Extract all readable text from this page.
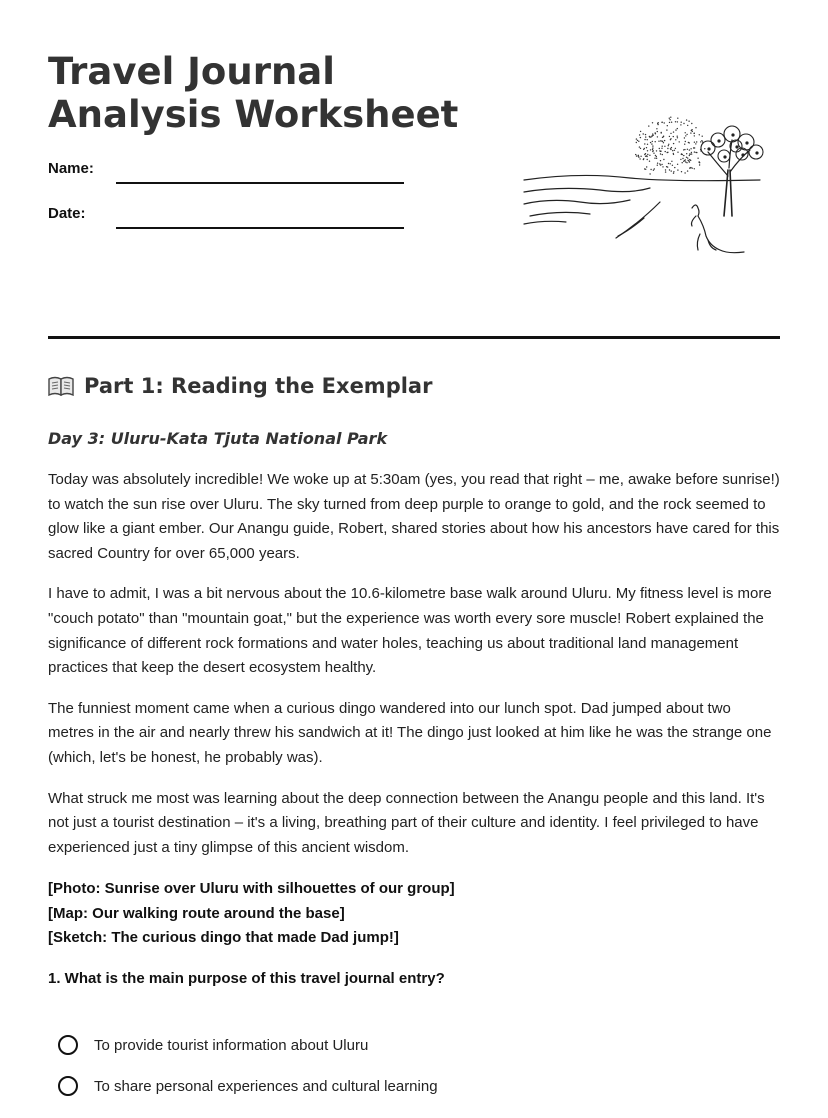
Travel Journal Analysis Worksheet
Name:
Date:
Part 1: Reading the Exemplar
Day 3: Uluru-Kata Tjuta National Park

Today was absolutely incredible! We woke up at 5:30am (yes, you read that right – me, awake before sunrise!) to watch the sun rise over Uluru. The sky turned from deep purple to orange to gold, and the rock seemed to glow like a giant ember. Our Anangu guide, Robert, shared stories about how his ancestors have cared for this sacred Country for over 65,000 years.

I have to admit, I was a bit nervous about the 10.6-kilometre base walk around Uluru. My fitness level is more "couch potato" than "mountain goat," but the experience was worth every sore muscle! Robert explained the significance of different rock formations and water holes, teaching us about traditional land management practices that keep the desert ecosystem healthy.

The funniest moment came when a curious dingo wandered into our lunch spot. Dad jumped about two metres in the air and nearly threw his sandwich at it! The dingo just looked at him like he was the strange one (which, let's be honest, he probably was).

What struck me most was learning about the deep connection between the Anangu people and this land. It's not just a tourist destination – it's a living, breathing part of their culture and identity. I feel privileged to have experienced just a tiny glimpse of this ancient wisdom.

[Photo: Sunrise over Uluru with silhouettes of our group]
[Map: Our walking route around the base]
[Sketch: The curious dingo that made Dad jump!]

1. What is the main purpose of this travel journal entry?

To provide tourist information about Uluru
To share personal experiences and cultural learning
